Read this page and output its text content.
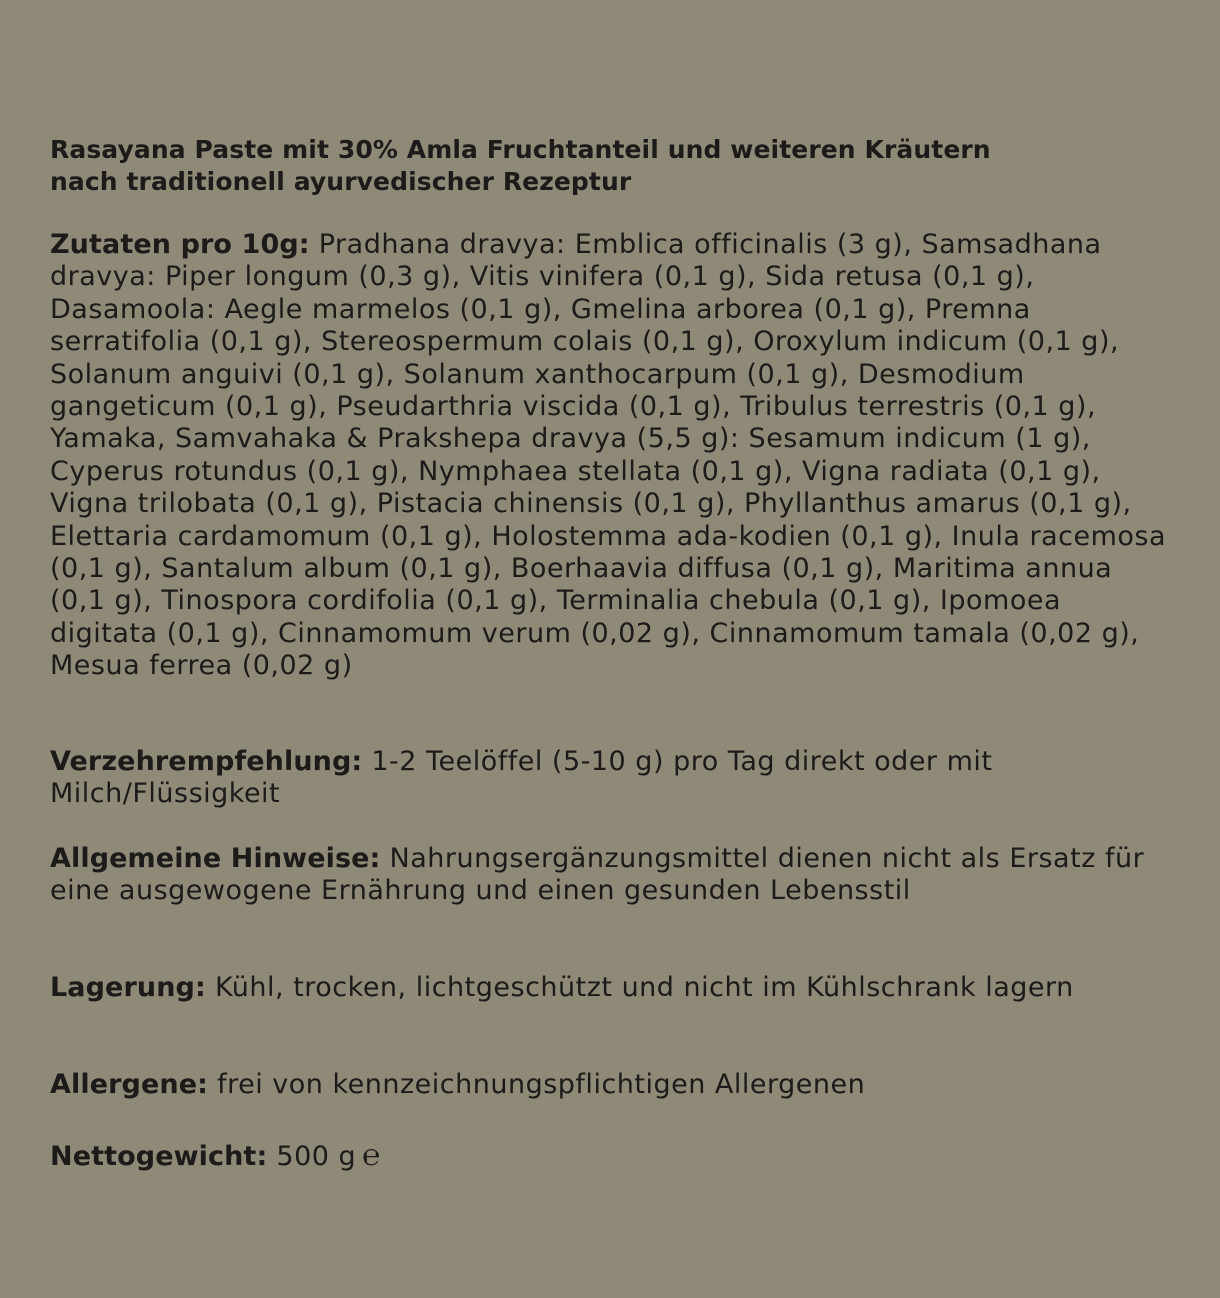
Rasayana Paste mit 30% Amla Fruchtanteil und weiteren Kräutern
nach traditionell ayurvedischer Rezeptur
Zutaten pro 10g: Pradhana dravya: Emblica officinalis (3 g), Samsadhana dravya: Piper longum (0,3 g), Vitis vinifera (0,1 g), Sida retusa (0,1 g), Dasamoola: Aegle marmelos (0,1 g), Gmelina arborea (0,1 g), Premna serratifolia (0,1 g), Stereospermum colais (0,1 g), Oroxylum indicum (0,1 g), Solanum anguivi (0,1 g), Solanum xanthocarpum (0,1 g), Desmodium gangeticum (0,1 g), Pseudarthria viscida (0,1 g), Tribulus terrestris (0,1 g), Yamaka, Samvahaka & Prakshepa dravya (5,5 g): Sesamum indicum (1 g), Cyperus rotundus (0,1 g), Nymphaea stellata (0,1 g), Vigna radiata (0,1 g), Vigna trilobata (0,1 g), Pistacia chinensis (0,1 g), Phyllanthus amarus (0,1 g), Elettaria cardamomum (0,1 g), Holostemma ada-kodien (0,1 g), Inula racemosa (0,1 g), Santalum album (0,1 g), Boerhaavia diffusa (0,1 g), Maritima annua (0,1 g), Tinospora cordifolia (0,1 g), Terminalia chebula (0,1 g), Ipomoea digitata (0,1 g), Cinnamomum verum (0,02 g), Cinnamomum tamala (0,02 g), Mesua ferrea (0,02 g)
Verzehrempfehlung: 1-2 Teelöffel (5-10 g) pro Tag direkt oder mit Milch/Flüssigkeit
Allgemeine Hinweise: Nahrungsergänzungsmittel dienen nicht als Ersatz für eine ausgewogene Ernährung und einen gesunden Lebensstil
Lagerung: Kühl, trocken, lichtgeschützt und nicht im Kühlschrank lagern
Allergene: frei von kennzeichnungspflichtigen Allergenen
Nettogewicht: 500 g ℮
